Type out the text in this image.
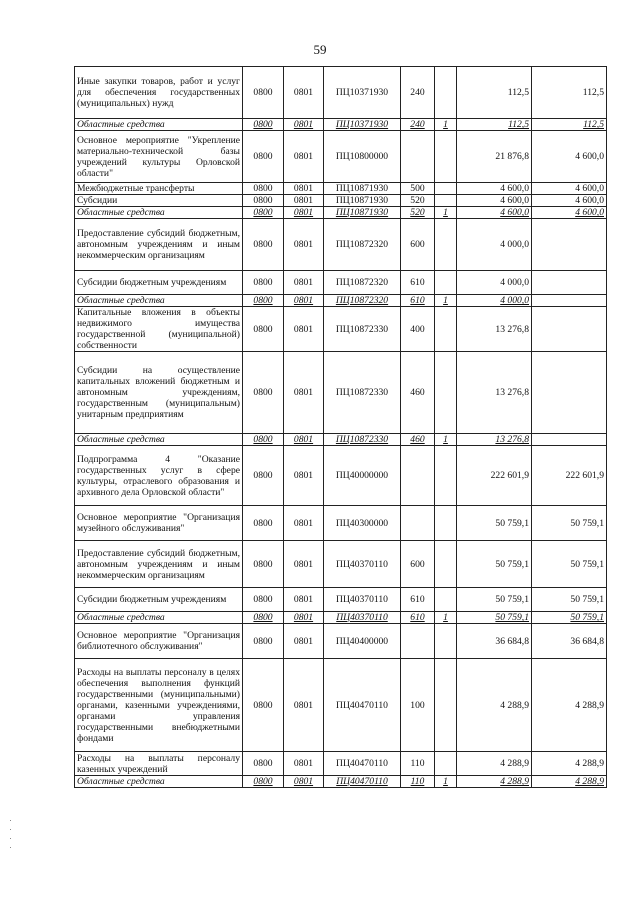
59
Иные закупки товаров, работ и услуг для обеспечения государственных (муниципальных) нужд	0800	0801	ПЦ10371930	240		112,5	112,5
Областные средства	0800	0801	ПЦ10371930	240	1	112,5	112,5
Основное мероприятие "Укрепление материально-технической базы учреждений культуры Орловской области"	0800	0801	ПЦ10800000			21 876,8	4 600,0
Межбюджетные трансферты	0800	0801	ПЦ10871930	500		4 600,0	4 600,0
Субсидии	0800	0801	ПЦ10871930	520		4 600,0	4 600,0
Областные средства	0800	0801	ПЦ10871930	520	1	4 600,0	4 600,0
Предоставление субсидий бюджетным, автономным учреждениям и иным некоммерческим организациям	0800	0801	ПЦ10872320	600		4 000,0	
Субсидии бюджетным учреждениям	0800	0801	ПЦ10872320	610		4 000,0	
Областные средства	0800	0801	ПЦ10872320	610	1	4 000,0	
Капитальные вложения в объекты недвижимого имущества государственной (муниципальной) собственности	0800	0801	ПЦ10872330	400		13 276,8	
Субсидии на осуществление капитальных вложений бюджетным и автономным учреждениям, государственным (муниципальным) унитарным предприятиям	0800	0801	ПЦ10872330	460		13 276,8	
Областные средства	0800	0801	ПЦ10872330	460	1	13 276,8	
Подпрограмма 4 "Оказание государственных услуг в сфере культуры, отраслевого образования и архивного дела Орловской области"	0800	0801	ПЦ40000000			222 601,9	222 601,9
Основное мероприятие "Организация музейного обслуживания"	0800	0801	ПЦ40300000			50 759,1	50 759,1
Предоставление субсидий бюджетным, автономным учреждениям и иным некоммерческим организациям	0800	0801	ПЦ40370110	600		50 759,1	50 759,1
Субсидии бюджетным учреждениям	0800	0801	ПЦ40370110	610		50 759,1	50 759,1
Областные средства	0800	0801	ПЦ40370110	610	1	50 759,1	50 759,1
Основное мероприятие "Организация библиотечного обслуживания"	0800	0801	ПЦ40400000			36 684,8	36 684,8
Расходы на выплаты персоналу в целях обеспечения выполнения функций государственными (муниципальными) органами, казенными учреждениями, органами управления государственными внебюджетными фондами	0800	0801	ПЦ40470110	100		4 288,9	4 288,9
Расходы на выплаты персоналу казенных учреждений	0800	0801	ПЦ40470110	110		4 288,9	4 288,9
Областные средства	0800	0801	ПЦ40470110	110	1	4 288,9	4 288,9
